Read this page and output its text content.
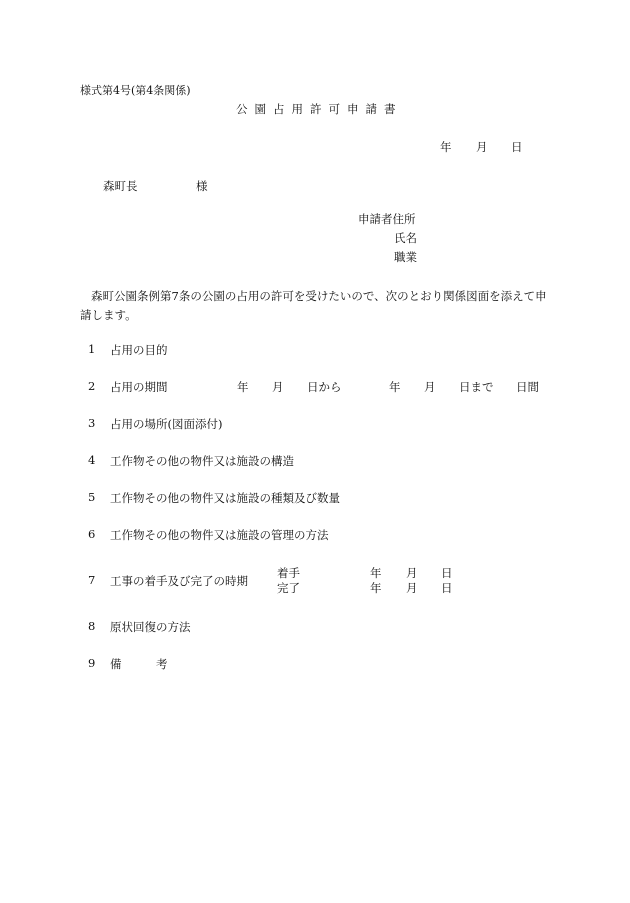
様式第4号(第4条関係)
公園占用許可申請書
年 月 日
森町長	様
申請者住所
氏名
職業
森町公園条例第7条の公園の占用の許可を受けたいので、次のとおり関係図面を添えて申請します。
1 占用の目的
2 占用の期間	年 月 日から	年 月 日まで 日間
3 占用の場所(図面添付)
4 工作物その他の物件又は施設の構造
5 工作物その他の物件又は施設の種類及び数量
6 工作物その他の物件又は施設の管理の方法
7 工事の着手及び完了の時期
着手	年 月 日
完了	年 月 日
8 原状回復の方法
9 備　　　考
